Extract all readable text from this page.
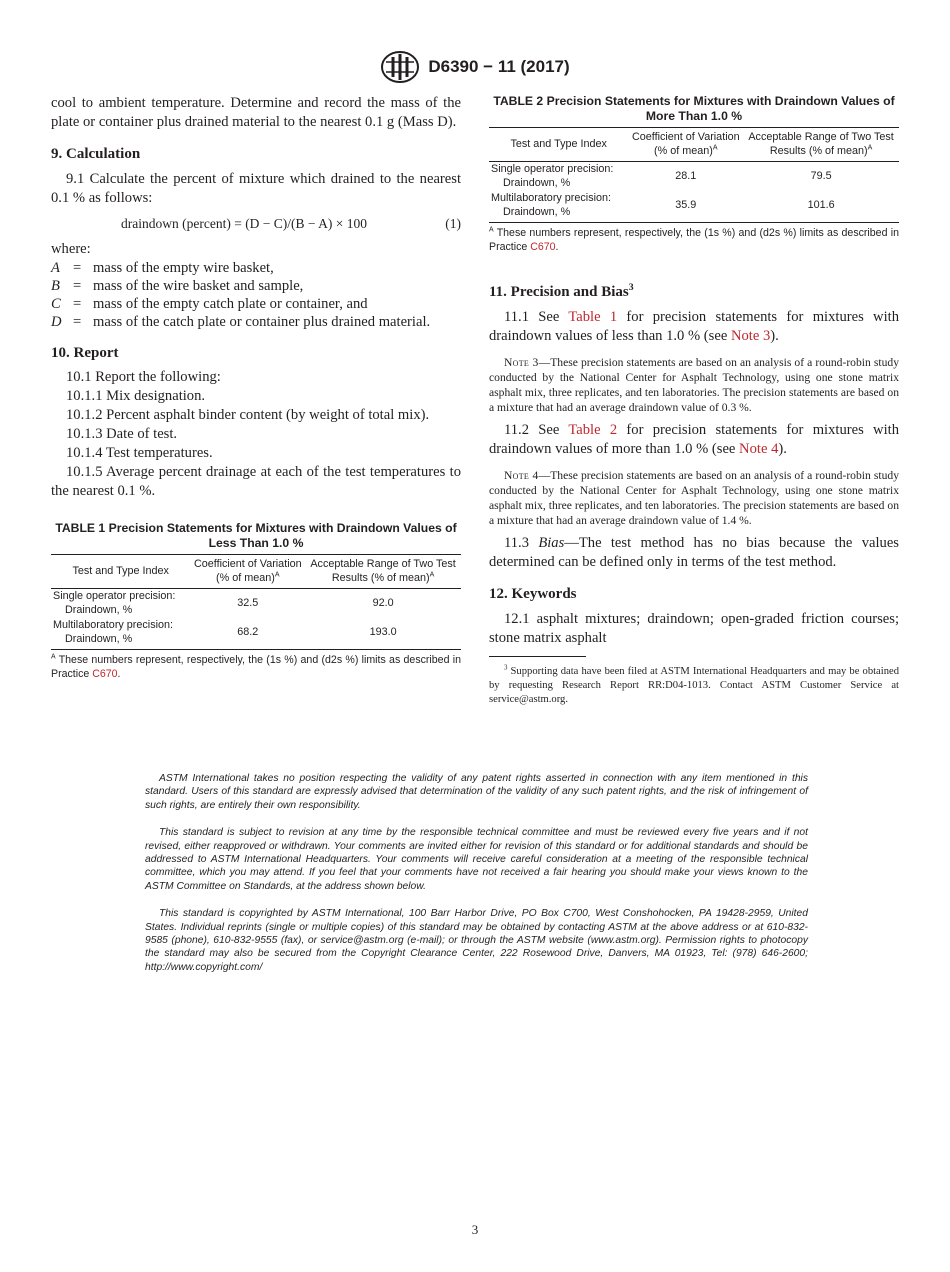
D6390 − 11 (2017)

cool to ambient temperature. Determine and record the mass of the plate or container plus drained material to the nearest 0.1 g (Mass D).

9. Calculation

9.1 Calculate the percent of mixture which drained to the nearest 0.1 % as follows:

draindown (percent) = (D − C)/(B − A) × 100	(1)

where:

A = mass of the empty wire basket,
B = mass of the wire basket and sample,
C = mass of the empty catch plate or container, and
D = mass of the catch plate or container plus drained material.
10. Report

10.1 Report the following:

10.1.1 Mix designation.

10.1.2 Percent asphalt binder content (by weight of total mix).

10.1.3 Date of test.

10.1.4 Test temperatures.

10.1.5 Average percent drainage at each of the test temperatures to the nearest 0.1 %.

TABLE 1 Precision Statements for Mixtures with Draindown Values of Less Than 1.0 %
Test and Type Index	Coefficient of Variation (% of mean)$^A$	Acceptable Range of Two Test Results (% of mean)$^A$

Single operator precision:
Draindown, %	32.5	92.0

Multilaboratory precision:
Draindown, %	68.2	193.0
$^A$ These numbers represent, respectively, the (1s %) and (d2s %) limits as described in Practice C670.
TABLE 2 Precision Statements for Mixtures with Draindown Values of More Than 1.0 %
Test and Type Index	Coefficient of Variation (% of mean)$^A$	Acceptable Range of Two Test Results (% of mean)$^A$

Single operator precision:
Draindown, %	28.1	79.5

Multilaboratory precision:
Draindown, %	35.9	101.6
$^A$ These numbers represent, respectively, the (1s %) and (d2s %) limits as described in Practice C670.
11. Precision and Bias$^3$

11.1 See Table 1 for precision statements for mixtures with draindown values of less than 1.0 % (see Note 3).

Note 3—These precision statements are based on an analysis of a round-robin study conducted by the National Center for Asphalt Technology, using one stone matrix asphalt mix, three replicates, and ten laboratories. The precision statements are based on a mixture that had an average draindown value of 0.3 %.

11.2 See Table 2 for precision statements for mixtures with draindown values of more than 1.0 % (see Note 4).

Note 4—These precision statements are based on an analysis of a round-robin study conducted by the National Center for Asphalt Technology, using one stone matrix asphalt mix, three replicates, and ten laboratories. The precision statements are based on a mixture that had an average draindown value of 1.4 %.

11.3 Bias—The test method has no bias because the values determined can be defined only in terms of the test method.

12. Keywords

12.1 asphalt mixtures; draindown; open-graded friction courses; stone matrix asphalt

$^3$ Supporting data have been filed at ASTM International Headquarters and may be obtained by requesting Research Report RR:D04-1013. Contact ASTM Customer Service at service@astm.org.

ASTM International takes no position respecting the validity of any patent rights asserted in connection with any item mentioned in this standard. Users of this standard are expressly advised that determination of the validity of any such patent rights, and the risk of infringement of such rights, are entirely their own responsibility.

This standard is subject to revision at any time by the responsible technical committee and must be reviewed every five years and if not revised, either reapproved or withdrawn. Your comments are invited either for revision of this standard or for additional standards and should be addressed to ASTM International Headquarters. Your comments will receive careful consideration at a meeting of the responsible technical committee, which you may attend. If you feel that your comments have not received a fair hearing you should make your views known to the ASTM Committee on Standards, at the address shown below.

This standard is copyrighted by ASTM International, 100 Barr Harbor Drive, PO Box C700, West Conshohocken, PA 19428-2959, United States. Individual reprints (single or multiple copies) of this standard may be obtained by contacting ASTM at the above address or at 610-832-9585 (phone), 610-832-9555 (fax), or service@astm.org (e-mail); or through the ASTM website (www.astm.org). Permission rights to photocopy the standard may also be secured from the Copyright Clearance Center, 222 Rosewood Drive, Danvers, MA 01923, Tel: (978) 646-2600; http://www.copyright.com/

3
